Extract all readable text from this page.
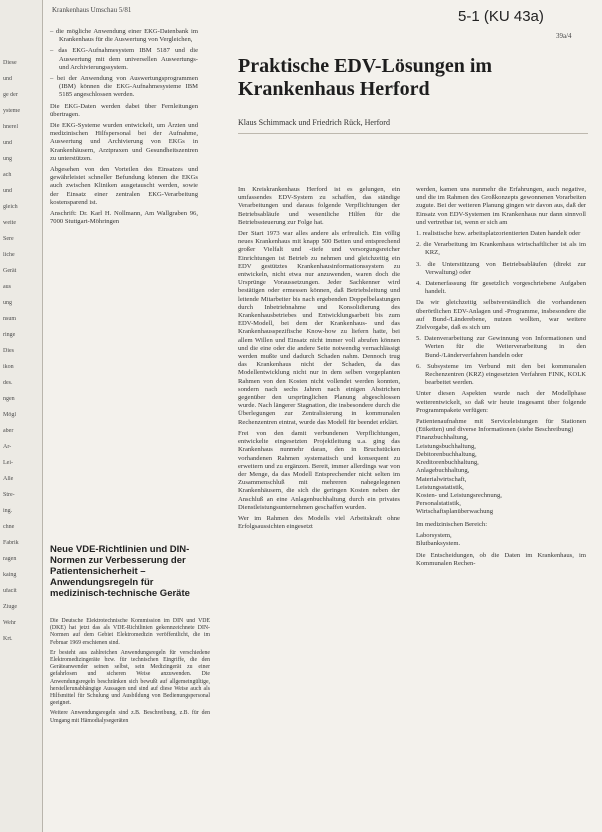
Diese
und
ge der
ysteme
hnerel
und
ung
ach
und
gleich
weite
Sere
liche
Gerät
aus
ung
nsum
ringe
Dies
ikon
des.
ngen
Mögl
aber
Ar-
Lei-
Alle
Stre-
ing.
chne
Fabrik
ragen
kaing
ufacit
Ziuge
Wehr
Krt.
Krankenhaus Umschau 5/81
39a/4
5-1 (KU 43a)
– die mögliche Anwendung einer EKG-Datenbank im Krankenhaus für die Auswertung von Vergleichen,
– das EKG-Aufnahmesystem IBM 5187 und die Auswertung mit dem universellen Auswertungs- und Archivierungssystem.
– bei der Anwendung von Auswertungsprogrammen (IBM) können die EKG-Aufnahmesysteme IBM 5185 angeschlossen werden.

Die EKG-Daten werden dabei über Fernleitungen übertragen.

Die EKG-Systeme wurden entwickelt, um Ärzten und medizinischen Hilfspersonal bei der Aufnahme, Auswertung und Archivierung von EKGs in Krankenhäusern, Arztpraxen und Gesundheitszentren zu unterstützen.

Abgesehen von den Vorteilen des Einsatzes und gewährleistet schneller Befundung können die EKGs auch zwischen Kliniken ausgetauscht werden, sowie der Einsatz einer zentralen EKG-Verarbeitung kostensparend ist.

Anschrift: Dr. Karl H. Nollmann, Am Wallgraben 96, 7000 Stuttgart-Möhringen

Praktische EDV-Lösungen im Krankenhaus Herford
Klaus Schimmack und Friedrich Rück, Herford

Im Kreiskrankenhaus Herford ist es gelungen, ein umfassendes EDV-System zu schaffen, das ständige Verarbeitungen und daraus folgende Verpflichtungen der Betriebsabläufe und wesentliche Hilfen für die Betriebssteuerung zur Folge hat.

Der Start 1973 war alles andere als erfreulich. Ein völlig neues Krankenhaus mit knapp 500 Betten und entsprechend großer Vielfalt und -tiefe und versorgungsreicher Einrichtungen ist Betrieb zu nehmen und gleichzeitig ein EDV gestütztes Krankenhausinformationssystem zu entwickeln, nicht etwa nur anzuwenden, waren doch die Ursprünge Voraussetzungen. Jeder Sachkenner wird bestätigen oder ermessen können, daß Betriebsleitung und leitende Mitarbeiter bis nach ergebenden Doppelbelastungen durch Inbetriebnahme und Konsolidierung des Krankenhausbetriebes und Entwicklungsarbeit bis zum EDV-Modell, bei dem der Krankenhaus- und das Krankenhausspezifische Know-how zu liefern hatte, bei allem Willen und Einsatz nicht immer voll abrufen können und die eine oder die andere Seite notwendig vernachlässigt werden mußte und dadurch Schaden nahm. Dennoch trug das Krankenhaus nicht der Schaden, da das Modellentwicklung nicht nur in dem selben vorgeplanten Rahmen von den Kosten nicht vollendet werden konnten, sondern nach sechs Jahren nach einigen Abstrichen gegenüber den ursprünglichen Planung abgeschlossen wurde. Nach längerer Stagnation, die insbesondere durch die Überlegungen zur Zentralisierung in kommunalen Rechenzentren eintrat, wurde das Modell für beendet erklärt.

Frei von den damit verbundenen Verpflichtungen, entwickelte eingesetzten Projektleitung u.a. ging das Krankenhaus nunmehr daran, den in Bruchstücken vorhandenen Rahmen systematisch und konsequent zu erweitern und zu ergänzen. Bereit, immer allerdings war von der Menge, da das Modell Entsprechender nicht selten im Zusammenschluß mit mehreren nahegelegenen Krankenhäusern, die sich die geringen Kosten neben der Anschluß an eine Anlagenbuchhaltung durch ein privates Dienstleistungsunternehmen geschaffen wurden.

Wer im Rahmen des Modells viel Arbeitskraft ohne Erfolgsaussichten eingesetzt

werden, kamen uns nunmehr die Erfahrungen, auch negative, und die im Rahmen des Großkonzepts gewonnenen Vorarbeiten zugute. Bei der weiteren Planung gingen wir davon aus, daß der Einsatz von EDV-Systemen im Krankenhaus nur dann sinnvoll und vertretbar ist, wenn er sich am

1. realistische bzw. arbeitsplatzorientierten Daten handelt oder
2. die Verarbeitung im Krankenhaus wirtschaftlicher ist als im KRZ,
3. die Unterstützung von Betriebsabläufen (direkt zur Verwaltung) oder
4. Datenerfassung für gesetzlich vorgeschriebene Aufgaben handelt.

Da wir gleichzeitig selbstverständlich die vorhandenen überörtlichen EDV-Anlagen und -Programme, insbesondere die auf Bund-/Länderebene, nutzen wollten, war weitere Zielvorgabe, daß es sich um

5. Datenverarbeitung zur Gewinnung von Informationen und Werten für die Weiterverarbeitung in den Bund-/Länderverfahren handeln oder
6. Subsysteme im Verbund mit den bei kommunalen Rechenzentren (KRZ) eingesetzten Verfahren FINK, KOLK bearbeitet werden.

Unter diesen Aspekten wurde nach der Modellphase weiterentwickelt, so daß wir heute insgesamt über folgende Programmpakete verfügen:

Patientenaufnahme mit Serviceleistungen für Stationen (Etiketten) und diverse Informationen (siehe Beschreibung)
Finanzbuchhaltung,
Leistungsbuchhaltung,
Debitorenbuchhaltung,
Kreditorenbuchhaltung,
Anlagebuchhaltung,
Materialwirtschaft,
Leistungsstatistik,
Kosten- und Leistungsrechnung,
Personalstatistik,
Wirtschaftsplanüberwachung

Im medizinischen Bereich:

Laborsystem,
Blutbanksystem.

Die Entscheidungen, ob die Daten im Krankenhaus, im Kommunalen Rechen-

Neue VDE-Richtlinien und DIN-Normen zur Verbesserung der Patientensicherheit – Anwendungsregeln für medizinisch-technische Geräte

Die Deutsche Elektrotechnische Kommission im DIN und VDE (DKE) hat jetzt das als VDE-Richtlinien gekennzeichnete DIN-Normen auf dem Gebiet Elektromedizin veröffentlicht, die im Februar 1969 erschienen sind.

Er besteht aus zahlreichen Anwendungsregeln für verschiedene Elektromedizingeräte bzw. für technischen Eingriffe, die den Geräteanwender seinen selbst, sein Medizingerät zu einer gefahrlosen und sicheren Weise anzuwenden. Die Anwendungsregeln beschränken sich bewußt auf allgemeingültige, herstellerunabhängige Aussagen und sind auf diese Weise auch als Hilfsmittel für Schulung und Ausbildung von Bedienungspersonal geeignet.

Weitere Anwendungsregeln sind z.B. Beschreibung, z.B. für den Umgang mit Hämodialysegeräten
